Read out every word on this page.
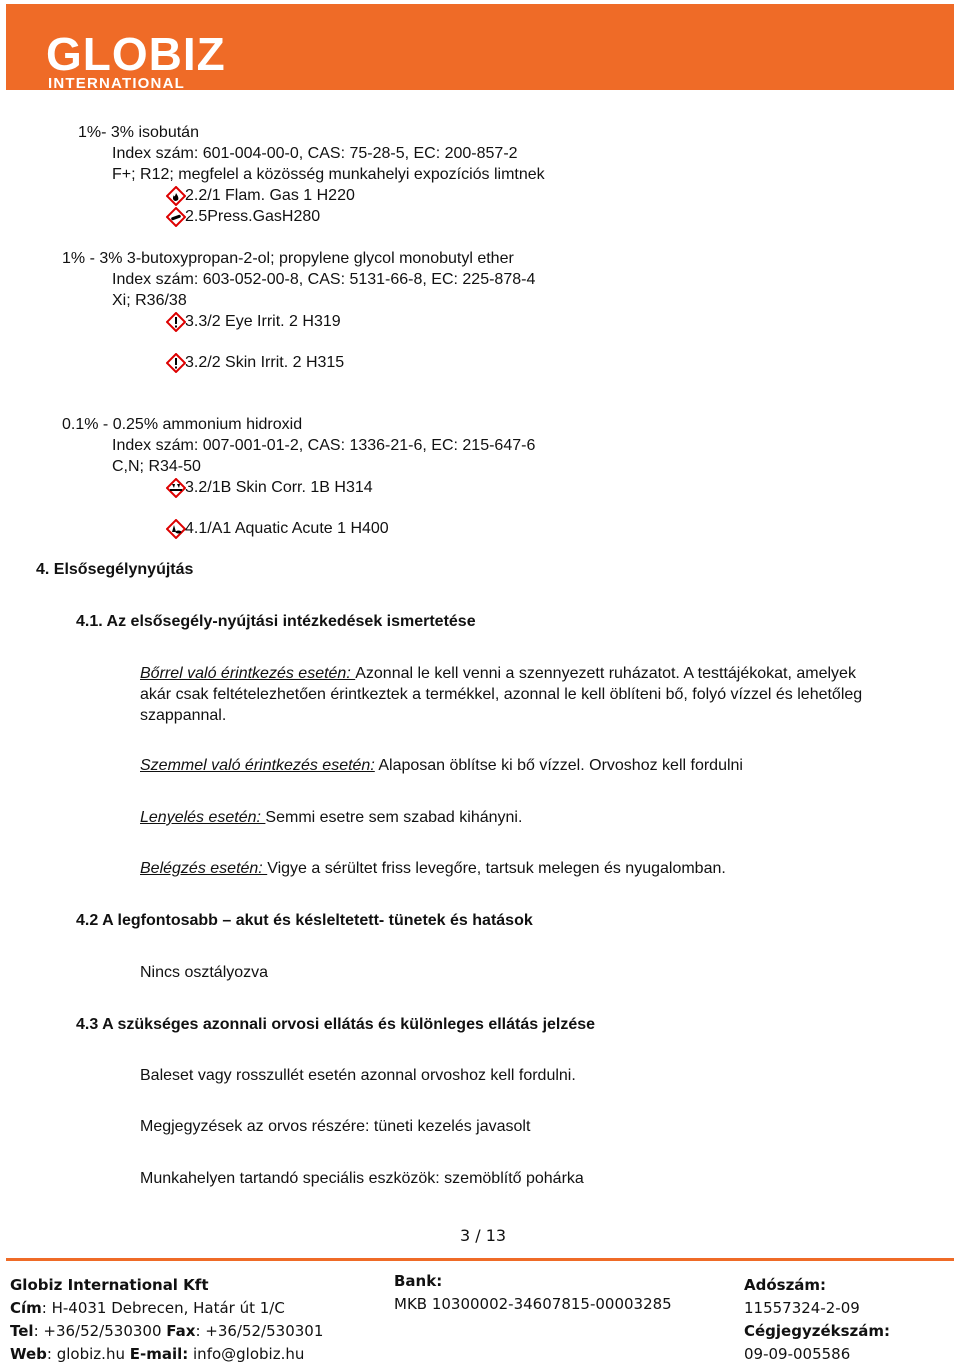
GLOBIZ
INTERNATIONAL
1%- 3% isobután
Index szám: 601-004-00-0, CAS: 75-28-5, EC: 200-857-2
F+; R12; megfelel a közösség munkahelyi expozíciós limtnek
2.2/1 Flam. Gas 1 H220
2.5Press.GasH280
1% - 3% 3-butoxypropan-2-ol; propylene glycol monobutyl ether
Index szám: 603-052-00-8, CAS: 5131-66-8, EC: 225-878-4
Xi; R36/38
3.3/2 Eye Irrit. 2 H319
3.2/2 Skin Irrit. 2 H315
0.1% - 0.25% ammonium hidroxid
Index szám: 007-001-01-2, CAS: 1336-21-6, EC: 215-647-6
C,N; R34-50
3.2/1B Skin Corr. 1B H314
4.1/A1 Aquatic Acute 1 H400
4. Elsősegélynyújtás
4.1. Az elsősegély-nyújtási intézkedések ismertetése
Bőrrel való érintkezés esetén: Azonnal le kell venni a szennyezett ruházatot. A testtájékokat, amelyek
akár csak feltételezhetően érintkeztek a termékkel, azonnal le kell öblíteni bő, folyó vízzel és lehetőleg
szappannal.
Szemmel való érintkezés esetén: Alaposan öblítse ki bő vízzel. Orvoshoz kell fordulni
Lenyelés esetén: Semmi esetre sem szabad kihányni.
Belégzés esetén: Vigye a sérültet friss levegőre, tartsuk melegen és nyugalomban.
4.2 A legfontosabb – akut és késleltetett- tünetek és hatások
Nincs osztályozva
4.3 A szükséges azonnali orvosi ellátás és különleges ellátás jelzése
Baleset vagy rosszullét esetén azonnal orvoshoz kell fordulni.
Megjegyzések az orvos részére: tüneti kezelés javasolt
Munkahelyen tartandó speciális eszközök: szemöblítő pohárka
3 / 13
Globiz International Kft
Cím: H-4031 Debrecen, Határ út 1/C
Tel: +36/52/530300 Fax: +36/52/530301
Web: globiz.hu E-mail: info@globiz.hu
Bank:
MKB 10300002-34607815-00003285
Adószám:
11557324-2-09
Cégjegyzékszám:
09-09-005586
